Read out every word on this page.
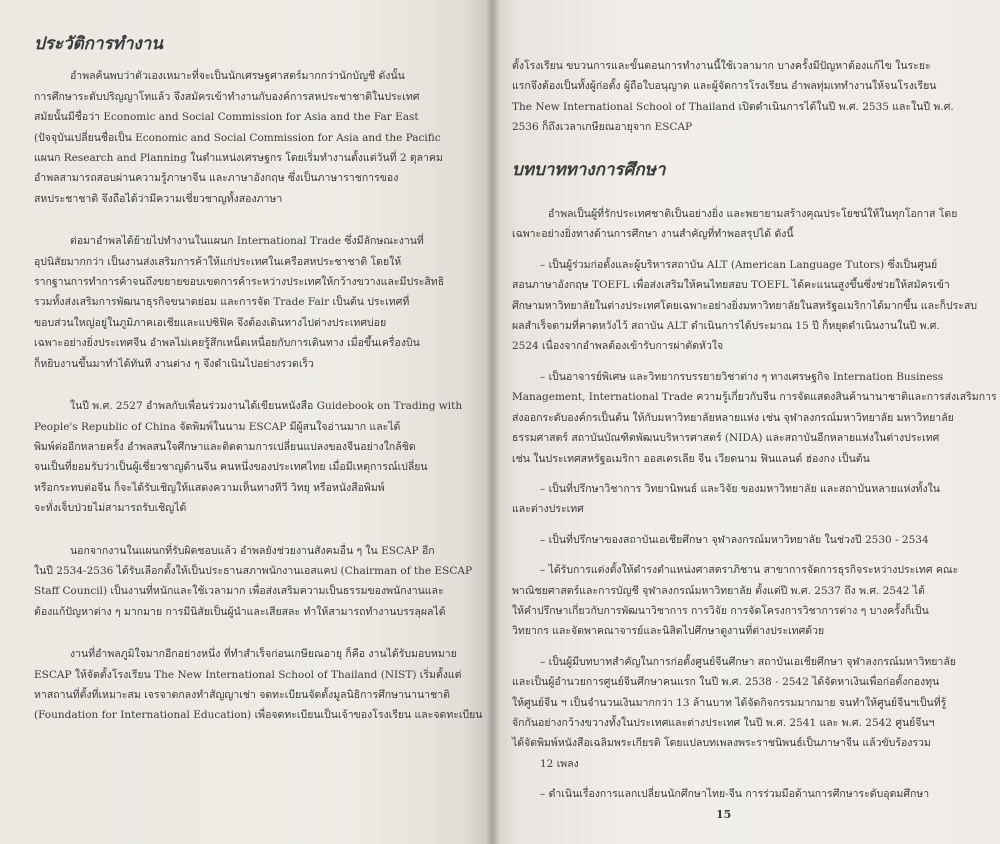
ประวัติการทำงาน
อำพลค้นพบว่าตัวเองเหมาะที่จะเป็นนักเศรษฐศาสตร์มากกว่านักบัญชี ดังนั้น
การศึกษาระดับปริญญาโทแล้ว จึงสมัครเข้าทำงานกับองค์การสหประชาชาติในประเทศ
สมัยนั้นมีชื่อว่า Economic and Social Commission for Asia and the Far East
(ปัจจุบันเปลี่ยนชื่อเป็น Economic and Social Commission for Asia and the Pacific
แผนก Research and Planning ในตำแหน่งเศรษฐกร โดยเริ่มทำงานตั้งแต่วันที่ 2 ตุลาคม
อำพลสามารถสอบผ่านความรู้ภาษาจีน และภาษาอังกฤษ ซึ่งเป็นภาษาราชการของ
สหประชาชาติ จึงถือได้ว่ามีความเชี่ยวชาญทั้งสองภาษา
ต่อมาอำพลได้ย้ายไปทำงานในแผนก International Trade ซึ่งมีลักษณะงานที่
อุปนิสัยมากกว่า เป็นงานส่งเสริมการค้าให้แก่ประเทศในเครือสหประชาชาติ โดยให้
รากฐานการทำการค้าจนถึงขยายขอบเขตการค้าระหว่างประเทศให้กว้างขวางและมีประสิทธิ
รวมทั้งส่งเสริมการพัฒนาธุรกิจขนาดย่อม และการจัด Trade Fair เป็นต้น ประเทศที่
ขอบส่วนใหญ่อยู่ในภูมิภาคเอเชียและแปซิฟิค จึงต้องเดินทางไปต่างประเทศบ่อย
เฉพาะอย่างยิ่งประเทศจีน อำพลไม่เคยรู้สึกเหน็ดเหนื่อยกับการเดินทาง เมื่อขึ้นเครื่องบิน
ก็หยิบงานขึ้นมาทำได้ทันที งานต่าง ๆ จึงดำเนินไปอย่างรวดเร็ว
ในปี พ.ศ. 2527 อำพลกับเพื่อนร่วมงานได้เขียนหนังสือ Guidebook on Trading with
People's Republic of China จัดพิมพ์ในนาม ESCAP มีผู้สนใจอ่านมาก และได้
พิมพ์ต่ออีกหลายครั้ง อำพลสนใจศึกษาและติดตามการเปลี่ยนแปลงของจีนอย่างใกล้ชิด
จนเป็นที่ยอมรับว่าเป็นผู้เชี่ยวชาญด้านจีน คนหนึ่งของประเทศไทย เมื่อมีเหตุการณ์เปลี่ยน
หรือกระทบต่อจีน ก็จะได้รับเชิญให้แสดงความเห็นทางทีวี วิทยุ หรือหนังสือพิมพ์
จะทั่งเจ็บป่วยไม่สามารถรับเชิญได้
นอกจากงานในแผนกที่รับผิดชอบแล้ว อำพลยังช่วยงานสังคมอื่น ๆ ใน ESCAP อีก
ในปี 2534-2536 ได้รับเลือกตั้งให้เป็นประธานสภาพนักงานเอสแคป (Chairman of the ESCAP
Staff Council) เป็นงานที่หนักและใช้เวลามาก เพื่อส่งเสริมความเป็นธรรมของพนักงานและ
ต้องแก้ปัญหาต่าง ๆ มากมาย การมีนิสัยเป็นผู้นำและเสียสละ ทำให้สามารถทำงานบรรลุผลได้
งานที่อำพลภูมิใจมากอีกอย่างหนึ่ง ที่ทำสำเร็จก่อนเกษียณอายุ ก็คือ งานได้รับมอบหมาย
ESCAP ให้จัดตั้งโรงเรียน The New International School of Thailand (NIST) เริ่มตั้งแต่
หาสถานที่ตั้งที่เหมาะสม เจรจาตกลงทำสัญญาเช่า จดทะเบียนจัดตั้งมูลนิธิการศึกษานานาชาติ
(Foundation for International Education) เพื่อจดทะเบียนเป็นเจ้าของโรงเรียน และจดทะเบียน
ตั้งโรงเรียน ขบวนการและขั้นตอนการทำงานนี้ใช้เวลามาก บางครั้งมีปัญหาต้องแก้ไข ในระยะ
แรกจึงต้องเป็นทั้งผู้ก่อตั้ง ผู้ถือใบอนุญาต และผู้จัดการโรงเรียน อำพลทุ่มเททำงานให้จนโรงเรียน
The New International School of Thailand เปิดดำเนินการได้ในปี พ.ศ. 2535 และในปี พ.ศ.
2536 ก็ถึงเวลาเกษียณอายุจาก ESCAP
บทบาททางการศึกษา
อำพลเป็นผู้ที่รักประเทศชาติเป็นอย่างยิ่ง และพยายามสร้างคุณประโยชน์ให้ในทุกโอกาส โดย
เฉพาะอย่างยิ่งทางด้านการศึกษา งานสำคัญที่ทำพอสรุปได้ ดังนี้
– เป็นผู้ร่วมก่อตั้งและผู้บริหารสถาบัน ALT (American Language Tutors) ซึ่งเป็นศูนย์
สอนภาษาอังกฤษ TOEFL เพื่อส่งเสริมให้คนไทยสอบ TOEFL ได้คะแนนสูงขึ้นซึ่งช่วยให้สมัครเข้า
ศึกษามหาวิทยาลัยในต่างประเทศโดยเฉพาะอย่างยิ่งมหาวิทยาลัยในสหรัฐอเมริกาได้มากขึ้น และก็ประสบ
ผลสำเร็จตามที่คาดหวังไว้ สถาบัน ALT ดำเนินการได้ประมาณ 15 ปี ก็หยุดดำเนินงานในปี พ.ศ.
2524 เนื่องจากอำพลต้องเข้ารับการผ่าตัดหัวใจ
– เป็นอาจารย์พิเศษ และวิทยากรบรรยายวิชาต่าง ๆ ทางเศรษฐกิจ Internation Business
Management, International Trade ความรู้เกี่ยวกับจีน การจัดแสดงสินค้านานาชาติและการส่งเสริมการ
ส่งออกระดับองค์กรเป็นต้น ให้กับมหาวิทยาลัยหลายแห่ง เช่น จุฬาลงกรณ์มหาวิทยาลัย มหาวิทยาลัย
ธรรมศาสตร์ สถาบันบัณฑิตพัฒนบริหารศาสตร์ (NIDA) และสถาบันอีกหลายแห่งในต่างประเทศ
เช่น ในประเทศสหรัฐอเมริกา ออสเตรเลีย จีน เวียดนาม ฟินแลนด์ ฮ่องกง เป็นต้น
– เป็นที่ปรึกษาวิชาการ วิทยานิพนธ์ และวิจัย ของมหาวิทยาลัย และสถาบันหลายแห่งทั้งใน
และต่างประเทศ
– เป็นที่ปรึกษาของสถาบันเอเชียศึกษา จุฬาลงกรณ์มหาวิทยาลัย ในช่วงปี 2530 - 2534
– ได้รับการแต่งตั้งให้ดำรงตำแหน่งศาสตราภิชาน สาขาการจัดการธุรกิจระหว่างประเทศ คณะ
พาณิชยศาสตร์และการบัญชี จุฬาลงกรณ์มหาวิทยาลัย ตั้งแต่ปี พ.ศ. 2537 ถึง พ.ศ. 2542 ได้
ให้คำปรึกษาเกี่ยวกับการพัฒนาวิชาการ การวิจัย การจัดโครงการวิชาการต่าง ๆ บางครั้งก็เป็น
วิทยากร และจัดพาคณาจารย์และนิสิตไปศึกษาดูงานที่ต่างประเทศด้วย
– เป็นผู้มีบทบาทสำคัญในการก่อตั้งศูนย์จีนศึกษา สถาบันเอเชียศึกษา จุฬาลงกรณ์มหาวิทยาลัย
และเป็นผู้อำนวยการศูนย์จีนศึกษาคนแรก ในปี พ.ศ. 2538 - 2542 ได้จัดหาเงินเพื่อก่อตั้งกองทุน
ให้ศูนย์จีน ฯ เป็นจำนวนเงินมากกว่า 13 ล้านบาท ได้จัดกิจกรรมมากมาย จนทำให้ศูนย์จีนฯเป็นที่รู้
จักกันอย่างกว้างขวางทั้งในประเทศและต่างประเทศ ในปี พ.ศ. 2541 และ พ.ศ. 2542 ศูนย์จีนฯ
ได้จัดพิมพ์หนังสือเฉลิมพระเกียรติ โดยแปลบทเพลงพระราชนิพนธ์เป็นภาษาจีน แล้วขับร้องรวม
12 เพลง
– ดำเนินเรื่องการแลกเปลี่ยนนักศึกษาไทย-จีน การร่วมมือด้านการศึกษาระดับอุดมศึกษา
15
